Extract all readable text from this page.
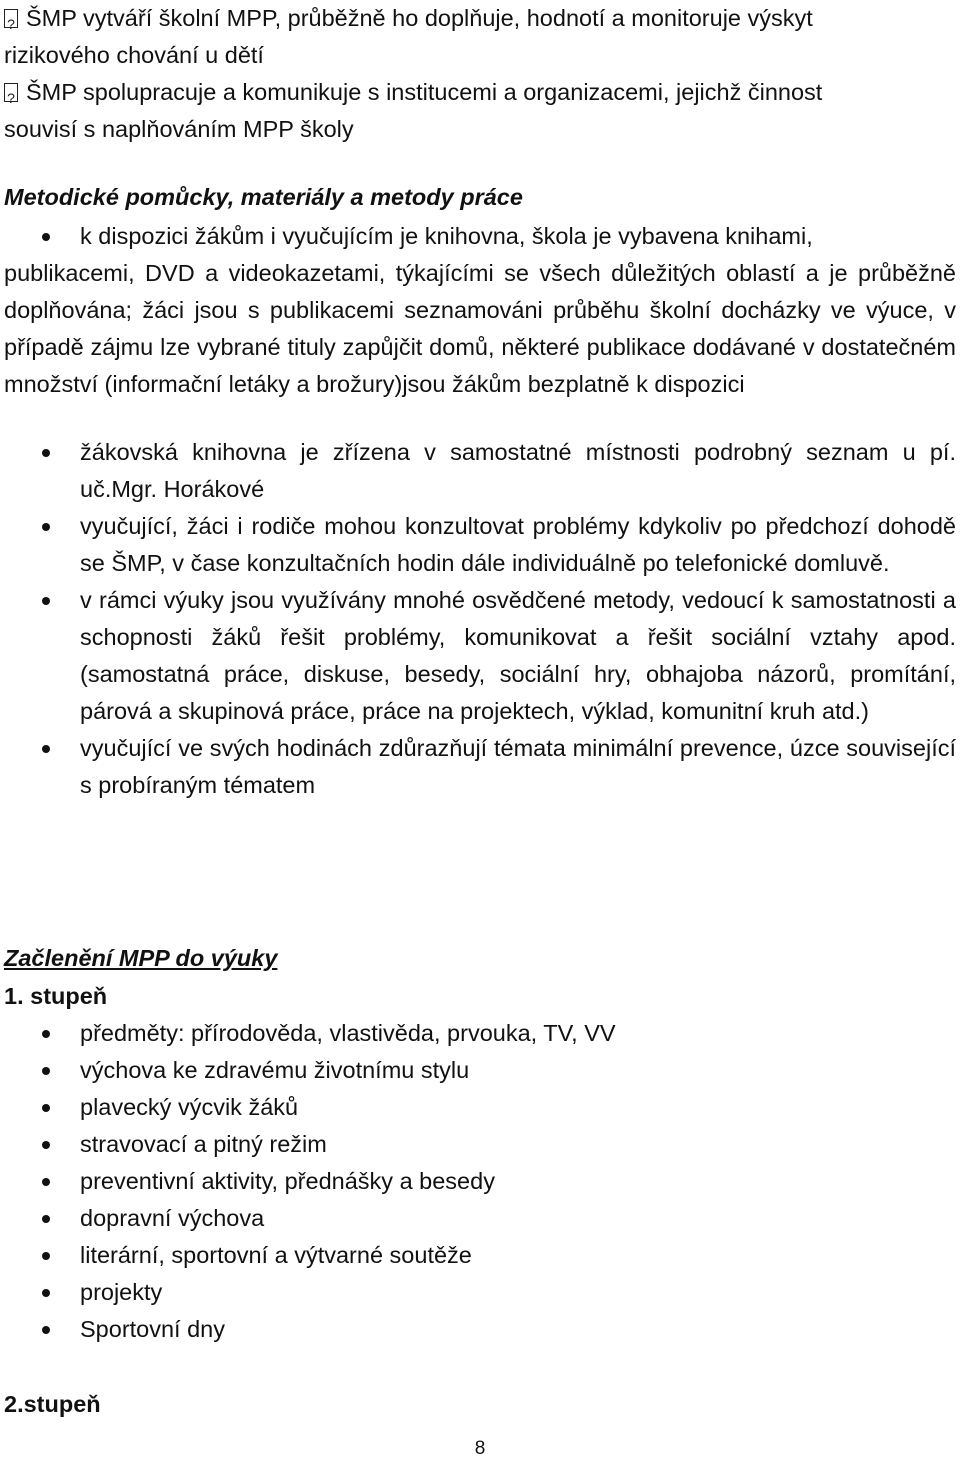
?ŠMP vytváří školní MPP, průběžně ho doplňuje, hodnotí a monitoruje výskyt
rizikového chování u dětí
?ŠMP spolupracuje a komunikuje s institucemi a organizacemi, jejichž činnost
souvisí s naplňováním MPP školy
Metodické pomůcky, materiály a metody práce
k dispozici žákům i vyučujícím je knihovna, škola je vybavena knihami,
publikacemi, DVD a videokazetami, týkajícími se všech důležitých oblastí a je průběžně doplňována; žáci jsou s publikacemi seznamováni průběhu školní docházky ve výuce, v případě zájmu lze vybrané tituly zapůjčit domů, některé publikace dodávané v dostatečném množství (informační letáky a brožury)jsou žákům bezplatně k dispozici
žákovská knihovna je zřízena v samostatné místnosti podrobný seznam u pí. uč.Mgr. Horákové
vyučující, žáci i rodiče mohou konzultovat problémy kdykoliv po předchozí dohodě se ŠMP, v čase konzultačních hodin dále individuálně po telefonické domluvě.
v rámci výuky jsou využívány mnohé osvědčené metody, vedoucí k samostatnosti a schopnosti žáků řešit problémy, komunikovat a řešit sociální vztahy apod. (samostatná práce, diskuse, besedy, sociální hry, obhajoba názorů, promítání, párová a skupinová práce, práce na projektech, výklad, komunitní kruh atd.)
vyučující ve svých hodinách zdůrazňují témata minimální prevence, úzce související s probíraným tématem
Začlenění MPP do výuky
1. stupeň
předměty: přírodověda, vlastivěda, prvouka, TV, VV
výchova ke zdravému životnímu stylu
plavecký výcvik žáků
stravovací a pitný režim
preventivní aktivity, přednášky a besedy
dopravní výchova
literární, sportovní a výtvarné soutěže
projekty
Sportovní dny
2.stupeň
8
